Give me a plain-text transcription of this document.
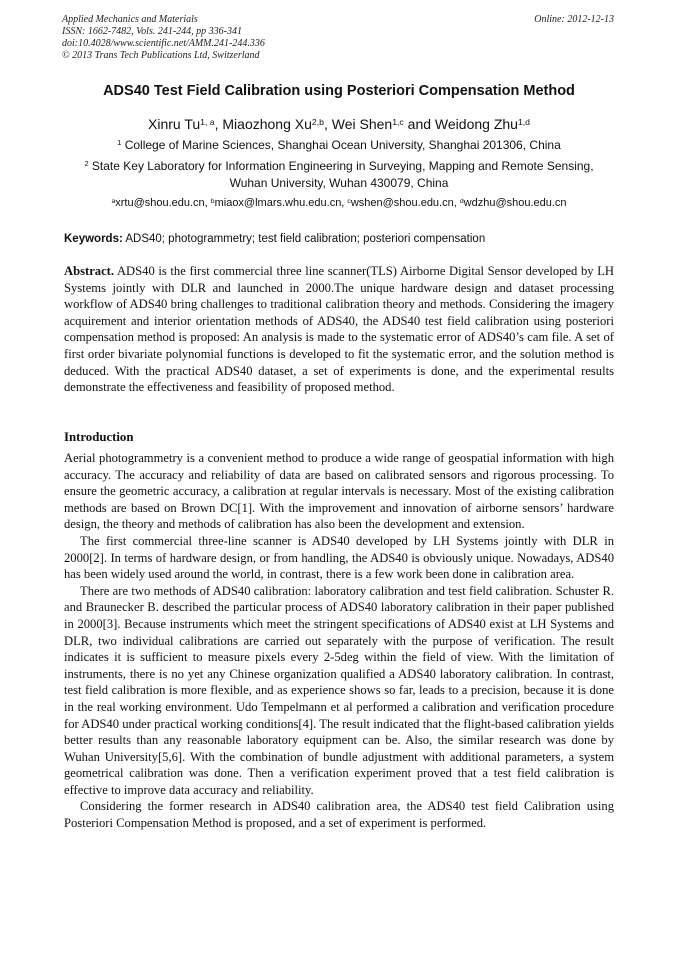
Applied Mechanics and Materials
ISSN: 1662-7482, Vols. 241-244, pp 336-341
doi:10.4028/www.scientific.net/AMM.241-244.336
© 2013 Trans Tech Publications Ltd, Switzerland
Online: 2012-12-13
ADS40 Test Field Calibration using Posteriori Compensation Method
Xinru Tu$^{1, a}$, Miaozhong Xu$^{2,b}$, Wei Shen$^{1,c}$ and Weidong Zhu$^{1,d}$
$^1$ College of Marine Sciences, Shanghai Ocean University, Shanghai 201306, China
$^2$ State Key Laboratory for Information Engineering in Surveying, Mapping and Remote Sensing,
Wuhan University, Wuhan 430079, China
$^a$xrtu@shou.edu.cn, $^b$miaox@lmars.whu.edu.cn, $^c$wshen@shou.edu.cn, $^d$wdzhu@shou.edu.cn
Keywords: ADS40; photogrammetry; test field calibration; posteriori compensation
Abstract. ADS40 is the first commercial three line scanner(TLS) Airborne Digital Sensor developed by LH Systems jointly with DLR and launched in 2000.The unique hardware design and dataset processing workflow of ADS40 bring challenges to traditional calibration theory and methods. Considering the imagery acquirement and interior orientation methods of ADS40, the ADS40 test field calibration using posteriori compensation method is proposed: An analysis is made to the systematic error of ADS40’s cam file. A set of first order bivariate polynomial functions is developed to fit the systematic error, and the solution method is deduced. With the practical ADS40 dataset, a set of experiments is done, and the experimental results demonstrate the effectiveness and feasibility of proposed method.
Introduction

Aerial photogrammetry is a convenient method to produce a wide range of geospatial information with high accuracy. The accuracy and reliability of data are based on calibrated sensors and rigorous processing. To ensure the geometric accuracy, a calibration at regular intervals is necessary. Most of the existing calibration methods are based on Brown DC[1]. With the improvement and innovation of airborne sensors’ hardware design, the theory and methods of calibration has also been the development and extension.

The first commercial three-line scanner is ADS40 developed by LH Systems jointly with DLR in 2000[2]. In terms of hardware design, or from handling, the ADS40 is obviously unique. Nowadays, ADS40 has been widely used around the world, in contrast, there is a few work been done in calibration area.

There are two methods of ADS40 calibration: laboratory calibration and test field calibration. Schuster R. and Braunecker B. described the particular process of ADS40 laboratory calibration in their paper published in 2000[3]. Because instruments which meet the stringent specifications of ADS40 exist at LH Systems and DLR, two individual calibrations are carried out separately with the purpose of verification. The result indicates it is sufficient to measure pixels every 2-5deg within the field of view. With the limitation of instruments, there is no yet any Chinese organization qualified a ADS40 laboratory calibration. In contrast, test field calibration is more flexible, and as experience shows so far, leads to a precision, because it is done in the real working environment. Udo Tempelmann et al performed a calibration and verification procedure for ADS40 under practical working conditions[4]. The result indicated that the flight-based calibration yields better results than any reasonable laboratory equipment can be. Also, the similar research was done by Wuhan University[5,6]. With the combination of bundle adjustment with additional parameters, a system geometrical calibration was done. Then a verification experiment proved that a test field calibration is effective to improve data accuracy and reliability.

Considering the former research in ADS40 calibration area, the ADS40 test field Calibration using Posteriori Compensation Method is proposed, and a set of experiment is performed.
